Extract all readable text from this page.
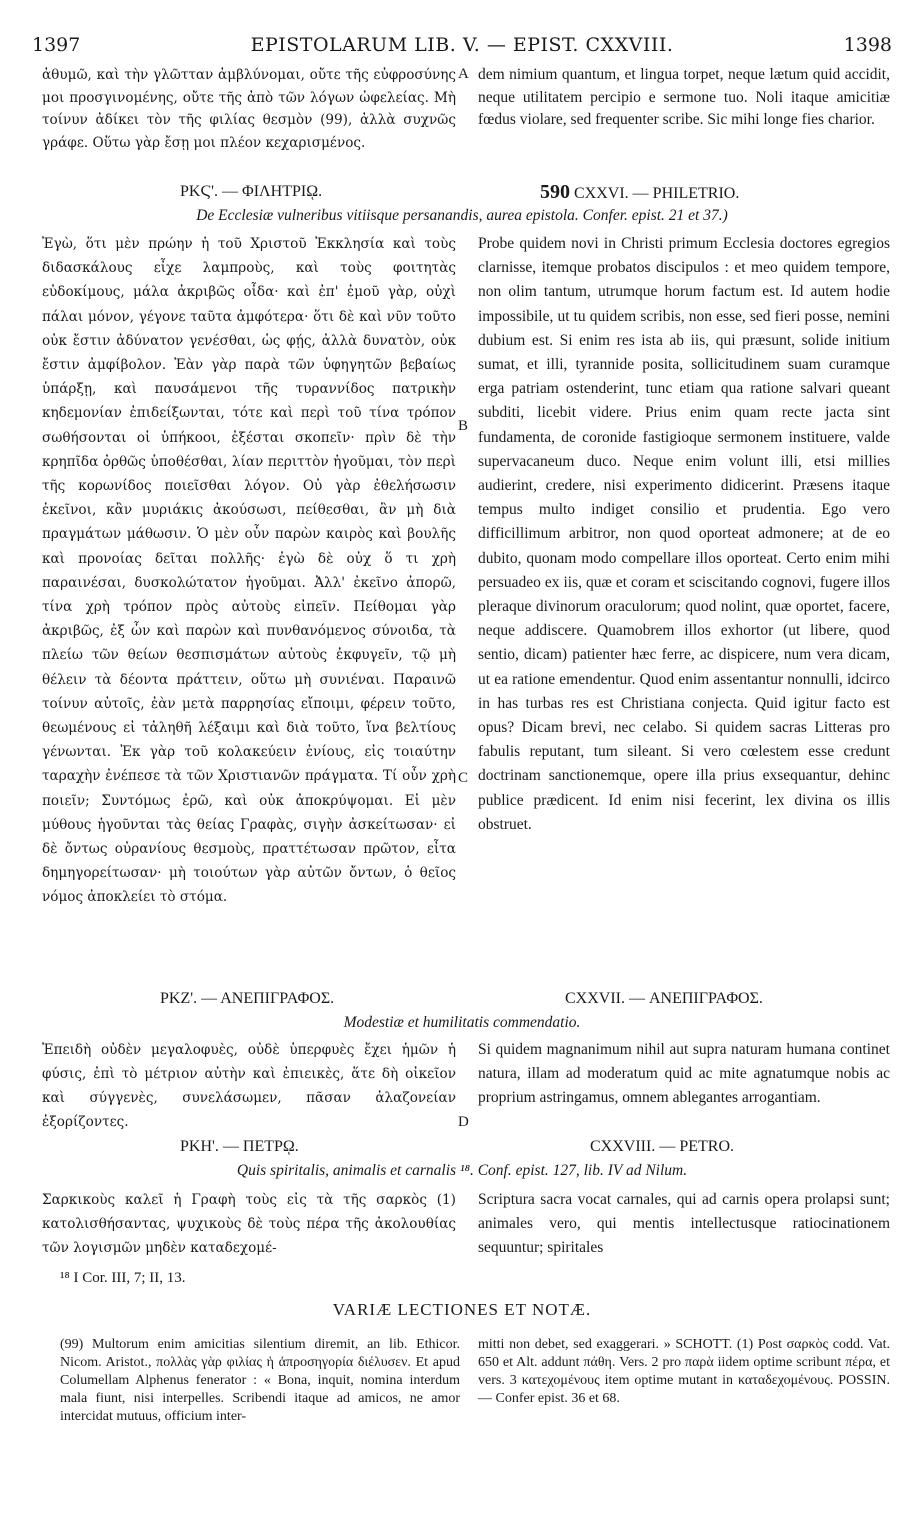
1397	EPISTOLARUM LIB. V. — EPIST. CXXVIII.	1398

ἀθυμῶ, καὶ τὴν γλῶτταν ἀμβλύνομαι, οὔτε τῆς εὐφροσύνης μοι προσγινομένης, οὔτε τῆς ἀπὸ τῶν λόγων ὠφελείας. Μὴ τοίνυν ἀδίκει τὸν τῆς φιλίας θεσμὸν (99), ἀλλὰ συχνῶς γράφε. Οὕτω γὰρ ἔσῃ μοι πλέον κεχαρισμένος.

dem nimium quantum, et lingua torpet, neque lætum quid accidit, neque utilitatem percipio e sermone tuo. Noli itaque amicitiæ fœdus violare, sed frequenter scribe. Sic mihi longe fies charior.

A
ΡΚϚ'. — ΦΙΛΗΤΡΙῼ.	590 CXXVI. — PHILETRIO.
De Ecclesiæ vulneribus vitiisque persanandis, aurea epistola. Confer. epist. 21 et 37.)

Ἐγὼ, ὅτι μὲν πρώην ἡ τοῦ Χριστοῦ Ἐκκλησία καὶ τοὺς διδασκάλους εἶχε λαμπροὺς, καὶ τοὺς φοιτητὰς εὐδοκίμους, μάλα ἀκριβῶς οἶδα· καὶ ἐπ' ἐμοῦ γὰρ, οὐχὶ πάλαι μόνον, γέγονε ταῦτα ἀμφότερα· ὅτι δὲ καὶ νῦν τοῦτο οὐκ ἔστιν ἀδύνατον γενέσθαι, ὡς φῄς, ἀλλὰ δυνατὸν, οὐκ ἔστιν ἀμφίβολον. Ἐὰν γὰρ παρὰ τῶν ὑφηγητῶν βεβαίως ὑπάρξῃ, καὶ παυσάμενοι τῆς τυραννίδος πατρικὴν κηδεμονίαν ἐπιδείξωνται, τότε καὶ περὶ τοῦ τίνα τρόπον σωθήσονται οἱ ὑπήκοοι, ἐξέσται σκοπεῖν· πρὶν δὲ τὴν κρηπῖδα ὀρθῶς ὑποθέσθαι, λίαν περιττὸν ἡγοῦμαι, τὸν περὶ τῆς κορωνίδος ποιεῖσθαι λόγον. Οὐ γὰρ ἐθελήσωσιν ἐκεῖνοι, κἂν μυριάκις ἀκούσωσι, πείθεσθαι, ἂν μὴ διὰ πραγμάτων μάθωσιν. Ὁ μὲν οὖν παρὼν καιρὸς καὶ βουλῆς καὶ προνοίας δεῖται πολλῆς· ἐγὼ δὲ οὐχ ὅ τι χρὴ παραινέσαι, δυσκολώτατον ἡγοῦμαι. Ἀλλ' ἐκεῖνο ἀπορῶ, τίνα χρὴ τρόπον πρὸς αὐτοὺς εἰπεῖν. Πείθομαι γὰρ ἀκριβῶς, ἐξ ὧν καὶ παρὼν καὶ πυνθανόμενος σύνοιδα, τὰ πλείω τῶν θείων θεσπισμάτων αὐτοὺς ἐκφυγεῖν, τῷ μὴ θέλειν τὰ δέοντα πράττειν, οὕτω μὴ συνιέναι. Παραινῶ τοίνυν αὐτοῖς, ἐὰν μετὰ παρρησίας εἴποιμι, φέρειν τοῦτο, θεωμένους εἰ τἀληθῆ λέξαιμι καὶ διὰ τοῦτο, ἵνα βελτίους γένωνται. Ἐκ γὰρ τοῦ κολακεύειν ἐνίους, εἰς τοιαύτην ταραχὴν ἐνέπεσε τὰ τῶν Χριστιανῶν πράγματα. Τί οὖν χρὴ ποιεῖν; Συντόμως ἐρῶ, καὶ οὐκ ἀποκρύψομαι. Εἰ μὲν μύθους ἡγοῦνται τὰς θείας Γραφὰς, σιγὴν ἀσκείτωσαν· εἰ δὲ ὄντως οὐρανίους θεσμοὺς, πραττέτωσαν πρῶτον, εἶτα δημηγορείτωσαν· μὴ τοιούτων γὰρ αὐτῶν ὄντων, ὁ θεῖος νόμος ἀποκλείει τὸ στόμα.

Probe quidem novi in Christi primum Ecclesia doctores egregios clarnisse, itemque probatos discipulos : et meo quidem tempore, non olim tantum, utrumque horum factum est. Id autem hodie impossibile, ut tu quidem scribis, non esse, sed fieri posse, nemini dubium est. Si enim res ista ab iis, qui præsunt, solide initium sumat, et illi, tyrannide posita, sollicitudinem suam curamque erga patriam ostenderint, tunc etiam qua ratione salvari queant subditi, licebit videre. Prius enim quam recte jacta sint fundamenta, de coronide fastigioque sermonem instituere, valde supervacaneum duco. Neque enim volunt illi, etsi millies audierint, credere, nisi experimento didicerint. Præsens itaque tempus multo indiget consilio et prudentia. Ego vero difficillimum arbitror, non quod oporteat admonere; at de eo dubito, quonam modo compellare illos oporteat. Certo enim mihi persuadeo ex iis, quæ et coram et sciscitando cognovi, fugere illos pleraque divinorum oraculorum; quod nolint, quæ oportet, facere, neque addiscere. Quamobrem illos exhortor (ut libere, quod sentio, dicam) patienter hæc ferre, ac dispicere, num vera dicam, ut ea ratione emendentur. Quod enim assentantur nonnulli, idcirco in has turbas res est Christiana conjecta. Quid igitur facto est opus? Dicam brevi, nec celabo. Si quidem sacras Litteras pro fabulis reputant, tum sileant. Si vero cœlestem esse credunt doctrinam sanctionemque, opere illa prius exsequantur, dehinc publice prædicent. Id enim nisi fecerint, lex divina os illis obstruet.

B
C
ΡΚΖ'. — ΑΝΕΠΙΓΡΑΦΟΣ.	CXXVII. — ΑΝΕΠΙΓΡΑΦΟΣ.
Modestiæ et humilitatis commendatio.

Ἐπειδὴ οὐδὲν μεγαλοφυὲς, οὐδὲ ὑπερφυὲς ἔχει ἡμῶν ἡ φύσις, ἐπὶ τὸ μέτριον αὐτὴν καὶ ἐπιεικὲς, ἅτε δὴ οἰκεῖον καὶ σύγγενὲς, συνελάσωμεν, πᾶσαν ἀλαζονείαν ἐξορίζοντες.

Si quidem magnanimum nihil aut supra naturam humana continet natura, illam ad moderatum quid ac mite agnatumque nobis ac proprium astringamus, omnem ablegantes arrogantiam.

D
ΡΚΗ'. — ΠΕΤΡῼ.	CXXVIII. — PETRO.
Quis spiritalis, animalis et carnalis ¹⁸. Conf. epist. 127, lib. IV ad Nilum.

Σαρκικοὺς καλεῖ ἡ Γραφὴ τοὺς εἰς τὰ τῆς σαρκὸς (1) κατολισθήσαντας, ψυχικοὺς δὲ τοὺς πέρα τῆς ἀκολουθίας τῶν λογισμῶν μηδὲν καταδεχομέ-

Scriptura sacra vocat carnales, qui ad carnis opera prolapsi sunt; animales vero, qui mentis intellectusque ratiocinationem sequuntur; spiritales

¹⁸ I Cor. III, 7; II, 13.
VARIÆ LECTIONES ET NOTÆ.

(99) Multorum enim amicitias silentium diremit, an lib. Ethicor. Nicom. Aristot., πολλὰς γὰρ φιλίας ἡ ἀπροσηγορία διέλυσεν. Et apud Columellam Alphenus fenerator : « Bona, inquit, nomina interdum mala fiunt, nisi interpelles. Scribendi itaque ad amicos, ne amor intercidat mutuus, officium inter-

mitti non debet, sed exaggerari. » SCHOTT. (1) Post σαρκὸς codd. Vat. 650 et Alt. addunt πάθη. Vers. 2 pro παρὰ iidem optime scribunt πέρα, et vers. 3 κατεχομένους item optime mutant in καταδεχομένους. POSSIN. — Confer epist. 36 et 68.
